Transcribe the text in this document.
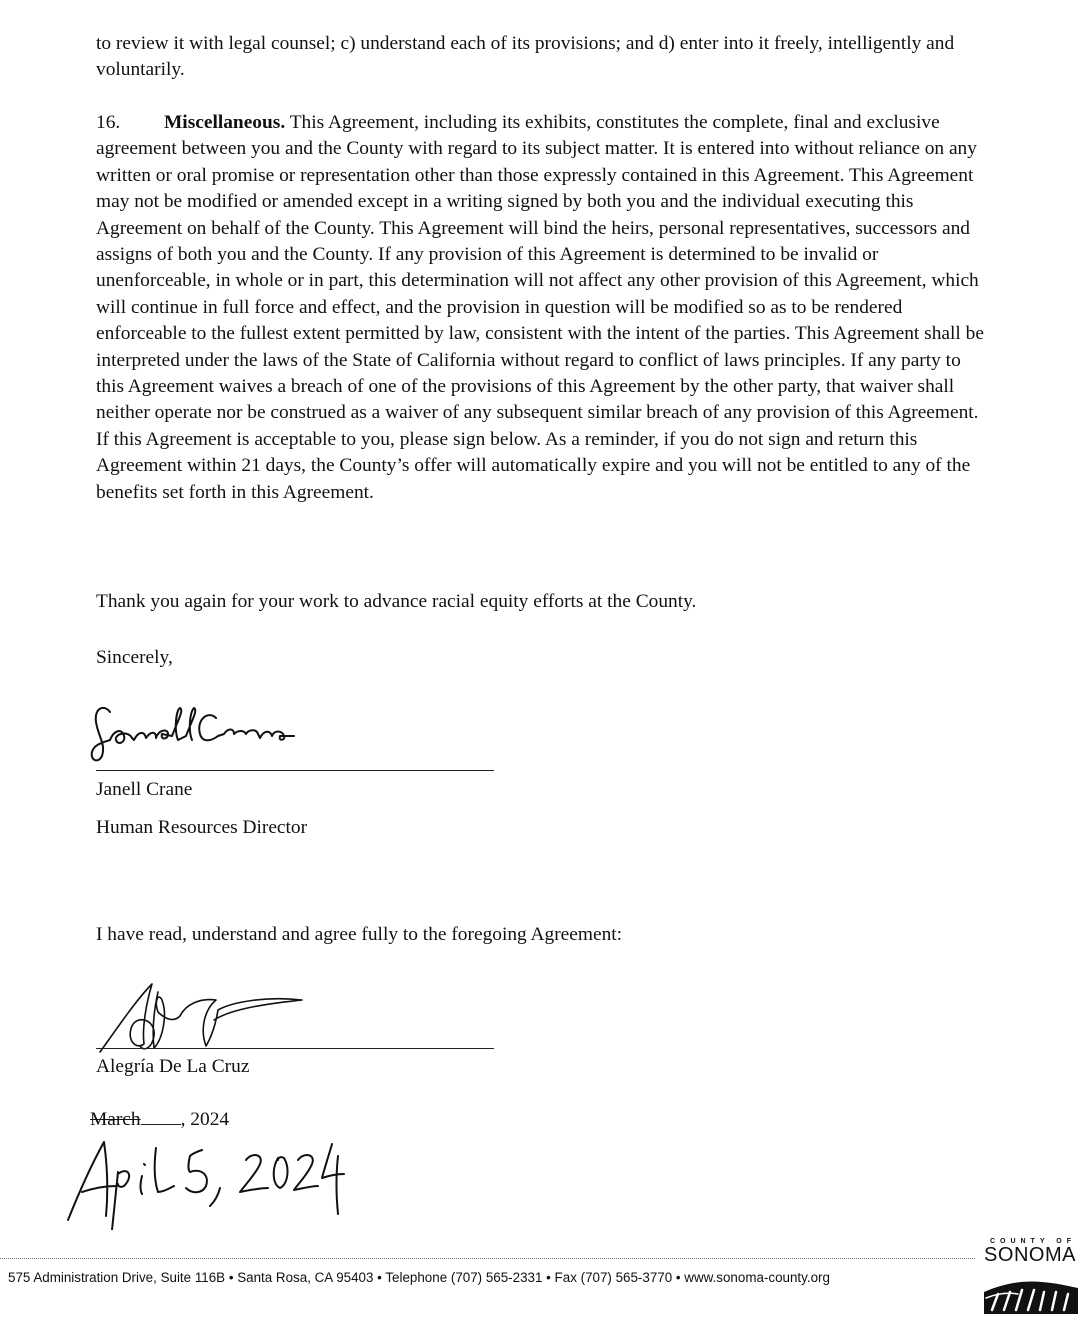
to review it with legal counsel; c) understand each of its provisions; and d) enter into it freely, intelligently and voluntarily.
16. Miscellaneous. This Agreement, including its exhibits, constitutes the complete, final and exclusive agreement between you and the County with regard to its subject matter. It is entered into without reliance on any written or oral promise or representation other than those expressly contained in this Agreement. This Agreement may not be modified or amended except in a writing signed by both you and the individual executing this Agreement on behalf of the County. This Agreement will bind the heirs, personal representatives, successors and assigns of both you and the County. If any provision of this Agreement is determined to be invalid or unenforceable, in whole or in part, this determination will not affect any other provision of this Agreement, which will continue in full force and effect, and the provision in question will be modified so as to be rendered enforceable to the fullest extent permitted by law, consistent with the intent of the parties. This Agreement shall be interpreted under the laws of the State of California without regard to conflict of laws principles. If any party to this Agreement waives a breach of one of the provisions of this Agreement by the other party, that waiver shall neither operate nor be construed as a waiver of any subsequent similar breach of any provision of this Agreement. If this Agreement is acceptable to you, please sign below. As a reminder, if you do not sign and return this Agreement within 21 days, the County’s offer will automatically expire and you will not be entitled to any of the benefits set forth in this Agreement.
Thank you again for your work to advance racial equity efforts at the County.
Sincerely,
Janell Crane
Human Resources Director
I have read, understand and agree fully to the foregoing Agreement:
Alegría De La Cruz
March , 2024
575 Administration Drive, Suite 116B • Santa Rosa, CA 95403 • Telephone (707) 565-2331 • Fax (707) 565-3770 • www.sonoma-county.org
COUNTY OF
SONOMA
